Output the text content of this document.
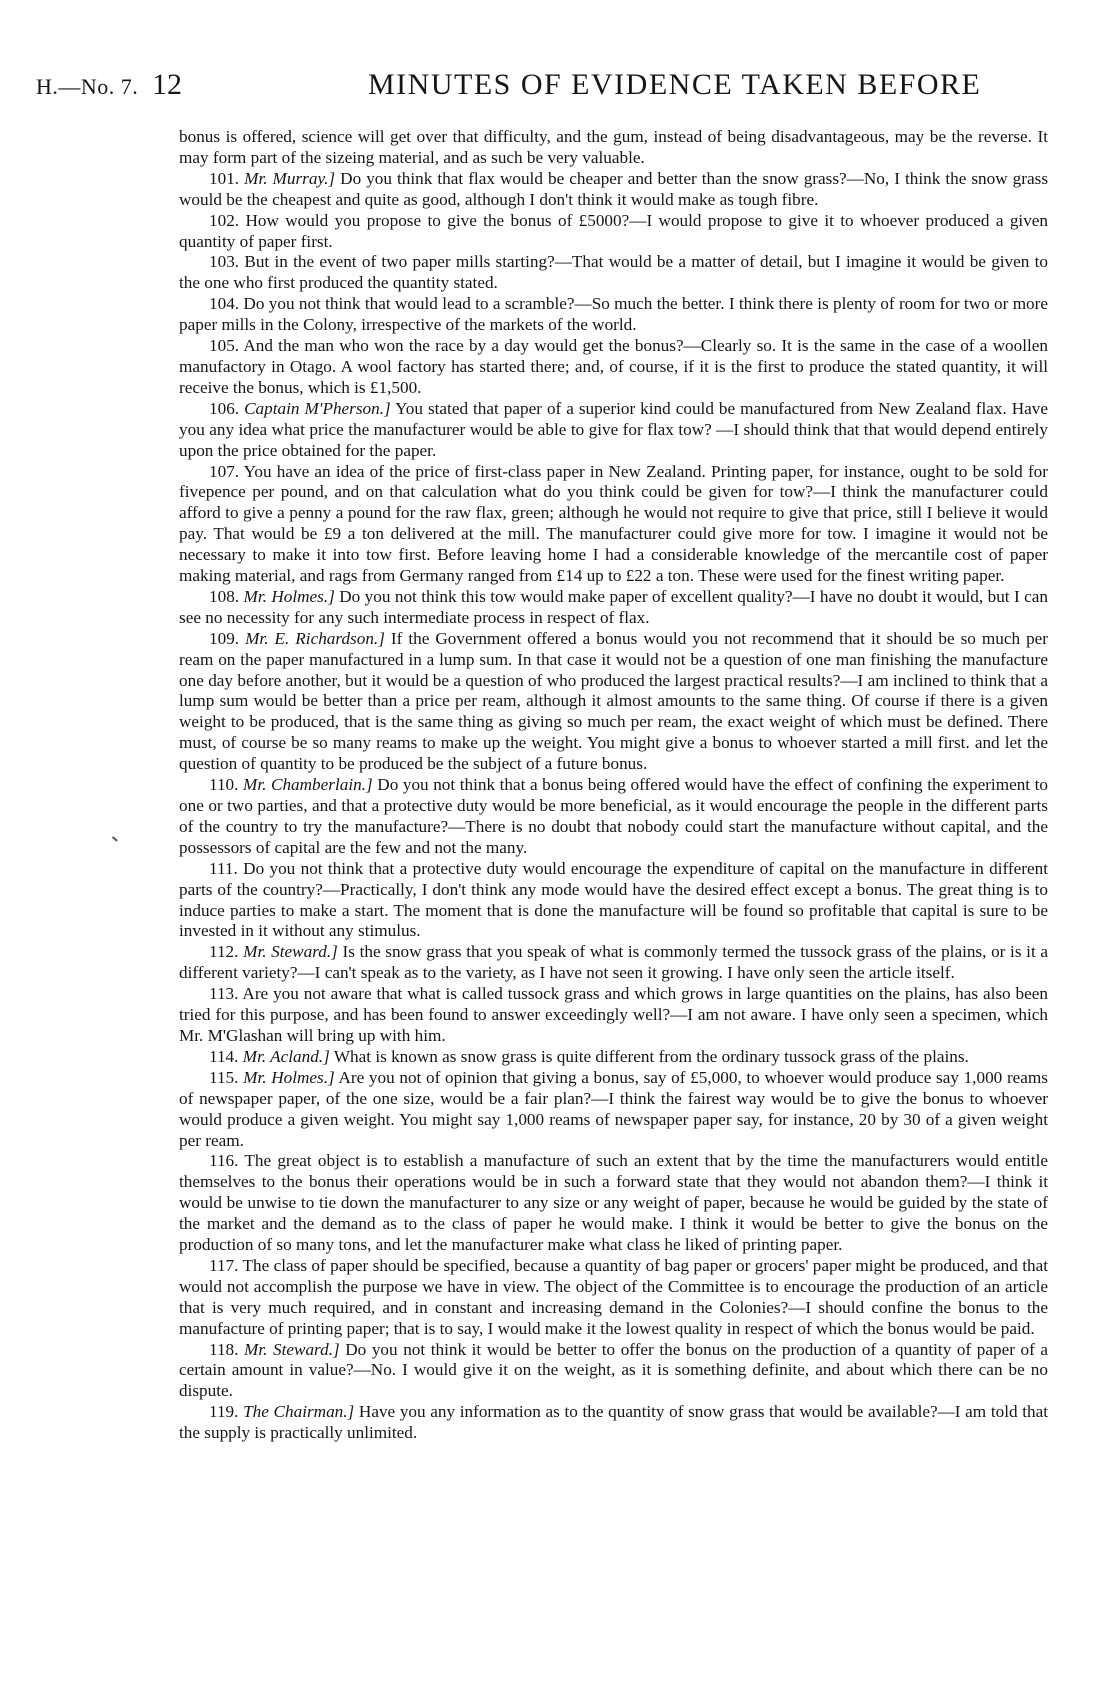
H.—No. 7. 12	MINUTES OF EVIDENCE TAKEN BEFORE

bonus is offered, science will get over that difficulty, and the gum, instead of being disadvantageous, may be the reverse. It may form part of the sizeing material, and as such be very valuable.

101. Mr. Murray.] Do you think that flax would be cheaper and better than the snow grass?—No, I think the snow grass would be the cheapest and quite as good, although I don't think it would make as tough fibre.

102. How would you propose to give the bonus of £5000?—I would propose to give it to whoever produced a given quantity of paper first.

103. But in the event of two paper mills starting?—That would be a matter of detail, but I imagine it would be given to the one who first produced the quantity stated.

104. Do you not think that would lead to a scramble?—So much the better. I think there is plenty of room for two or more paper mills in the Colony, irrespective of the markets of the world.

105. And the man who won the race by a day would get the bonus?—Clearly so. It is the same in the case of a woollen manufactory in Otago. A wool factory has started there; and, of course, if it is the first to produce the stated quantity, it will receive the bonus, which is £1,500.

106. Captain M'Pherson.] You stated that paper of a superior kind could be manufactured from New Zealand flax. Have you any idea what price the manufacturer would be able to give for flax tow? —I should think that that would depend entirely upon the price obtained for the paper.

107. You have an idea of the price of first-class paper in New Zealand. Printing paper, for instance, ought to be sold for fivepence per pound, and on that calculation what do you think could be given for tow?—I think the manufacturer could afford to give a penny a pound for the raw flax, green; although he would not require to give that price, still I believe it would pay. That would be £9 a ton delivered at the mill. The manufacturer could give more for tow. I imagine it would not be necessary to make it into tow first. Before leaving home I had a considerable knowledge of the mercantile cost of paper making material, and rags from Germany ranged from £14 up to £22 a ton. These were used for the finest writing paper.

108. Mr. Holmes.] Do you not think this tow would make paper of excellent quality?—I have no doubt it would, but I can see no necessity for any such intermediate process in respect of flax.

109. Mr. E. Richardson.] If the Government offered a bonus would you not recommend that it should be so much per ream on the paper manufactured in a lump sum. In that case it would not be a question of one man finishing the manufacture one day before another, but it would be a question of who produced the largest practical results?—I am inclined to think that a lump sum would be better than a price per ream, although it almost amounts to the same thing. Of course if there is a given weight to be produced, that is the same thing as giving so much per ream, the exact weight of which must be defined. There must, of course be so many reams to make up the weight. You might give a bonus to whoever started a mill first. and let the question of quantity to be produced be the subject of a future bonus.

110. Mr. Chamberlain.] Do you not think that a bonus being offered would have the effect of confining the experiment to one or two parties, and that a protective duty would be more beneficial, as it would encourage the people in the different parts of the country to try the manufacture?—There is no doubt that nobody could start the manufacture without capital, and the possessors of capital are the few and not the many.

111. Do you not think that a protective duty would encourage the expenditure of capital on the manufacture in different parts of the country?—Practically, I don't think any mode would have the desired effect except a bonus. The great thing is to induce parties to make a start. The moment that is done the manufacture will be found so profitable that capital is sure to be invested in it without any stimulus.

112. Mr. Steward.] Is the snow grass that you speak of what is commonly termed the tussock grass of the plains, or is it a different variety?—I can't speak as to the variety, as I have not seen it growing. I have only seen the article itself.

113. Are you not aware that what is called tussock grass and which grows in large quantities on the plains, has also been tried for this purpose, and has been found to answer exceedingly well?—I am not aware. I have only seen a specimen, which Mr. M'Glashan will bring up with him.

114. Mr. Acland.] What is known as snow grass is quite different from the ordinary tussock grass of the plains.

115. Mr. Holmes.] Are you not of opinion that giving a bonus, say of £5,000, to whoever would produce say 1,000 reams of newspaper paper, of the one size, would be a fair plan?—I think the fairest way would be to give the bonus to whoever would produce a given weight. You might say 1,000 reams of newspaper paper say, for instance, 20 by 30 of a given weight per ream.

116. The great object is to establish a manufacture of such an extent that by the time the manufacturers would entitle themselves to the bonus their operations would be in such a forward state that they would not abandon them?—I think it would be unwise to tie down the manufacturer to any size or any weight of paper, because he would be guided by the state of the market and the demand as to the class of paper he would make. I think it would be better to give the bonus on the production of so many tons, and let the manufacturer make what class he liked of printing paper.

117. The class of paper should be specified, because a quantity of bag paper or grocers' paper might be produced, and that would not accomplish the purpose we have in view. The object of the Committee is to encourage the production of an article that is very much required, and in constant and increasing demand in the Colonies?—I should confine the bonus to the manufacture of printing paper; that is to say, I would make it the lowest quality in respect of which the bonus would be paid.

118. Mr. Steward.] Do you not think it would be better to offer the bonus on the production of a quantity of paper of a certain amount in value?—No. I would give it on the weight, as it is something definite, and about which there can be no dispute.

119. The Chairman.] Have you any information as to the quantity of snow grass that would be available?—I am told that the supply is practically unlimited.
